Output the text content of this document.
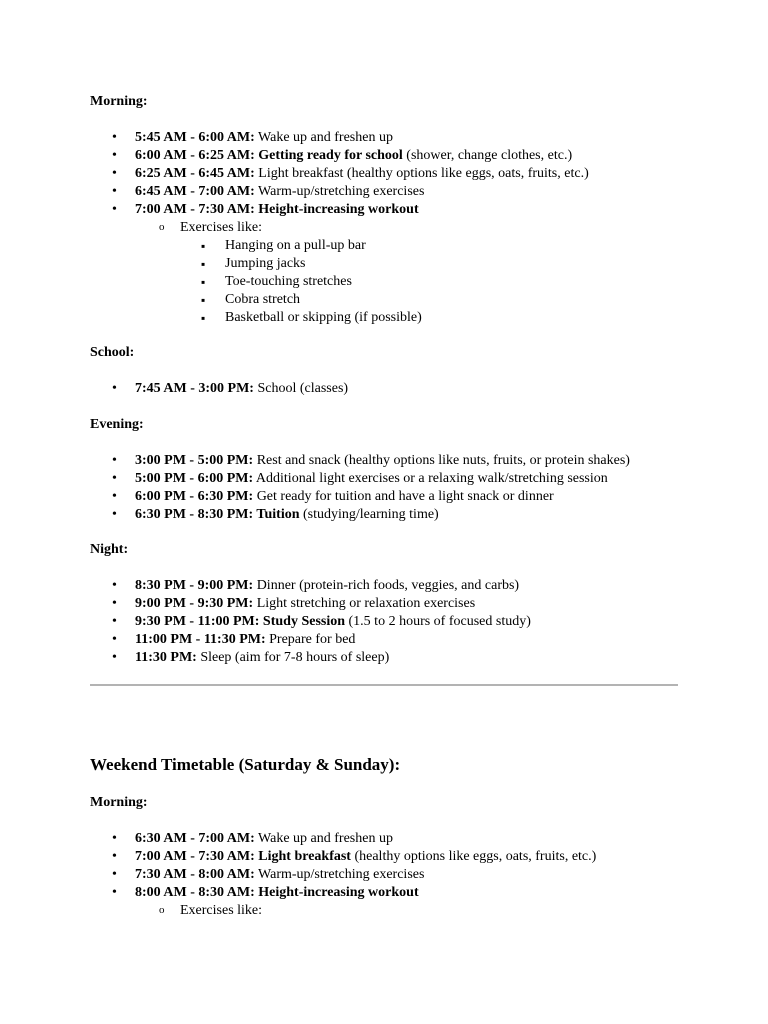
Morning:

• 5:45 AM - 6:00 AM: Wake up and freshen up
• 6:00 AM - 6:25 AM: Getting ready for school (shower, change clothes, etc.)
• 6:25 AM - 6:45 AM: Light breakfast (healthy options like eggs, oats, fruits, etc.)
• 6:45 AM - 7:00 AM: Warm-up/stretching exercises
• 7:00 AM - 7:30 AM: Height-increasing workout
o Exercises like:
▪ Hanging on a pull-up bar
▪ Jumping jacks
▪ Toe-touching stretches
▪ Cobra stretch
▪ Basketball or skipping (if possible)

School:

• 7:45 AM - 3:00 PM: School (classes)

Evening:

• 3:00 PM - 5:00 PM: Rest and snack (healthy options like nuts, fruits, or protein shakes)
• 5:00 PM - 6:00 PM: Additional light exercises or a relaxing walk/stretching session
• 6:00 PM - 6:30 PM: Get ready for tuition and have a light snack or dinner
• 6:30 PM - 8:30 PM: Tuition (studying/learning time)

Night:

• 8:30 PM - 9:00 PM: Dinner (protein-rich foods, veggies, and carbs)
• 9:00 PM - 9:30 PM: Light stretching or relaxation exercises
• 9:30 PM - 11:00 PM: Study Session (1.5 to 2 hours of focused study)
• 11:00 PM - 11:30 PM: Prepare for bed
• 11:30 PM: Sleep (aim for 7-8 hours of sleep)

Weekend Timetable (Saturday & Sunday):

Morning:

• 6:30 AM - 7:00 AM: Wake up and freshen up
• 7:00 AM - 7:30 AM: Light breakfast (healthy options like eggs, oats, fruits, etc.)
• 7:30 AM - 8:00 AM: Warm-up/stretching exercises
• 8:00 AM - 8:30 AM: Height-increasing workout
o Exercises like:
